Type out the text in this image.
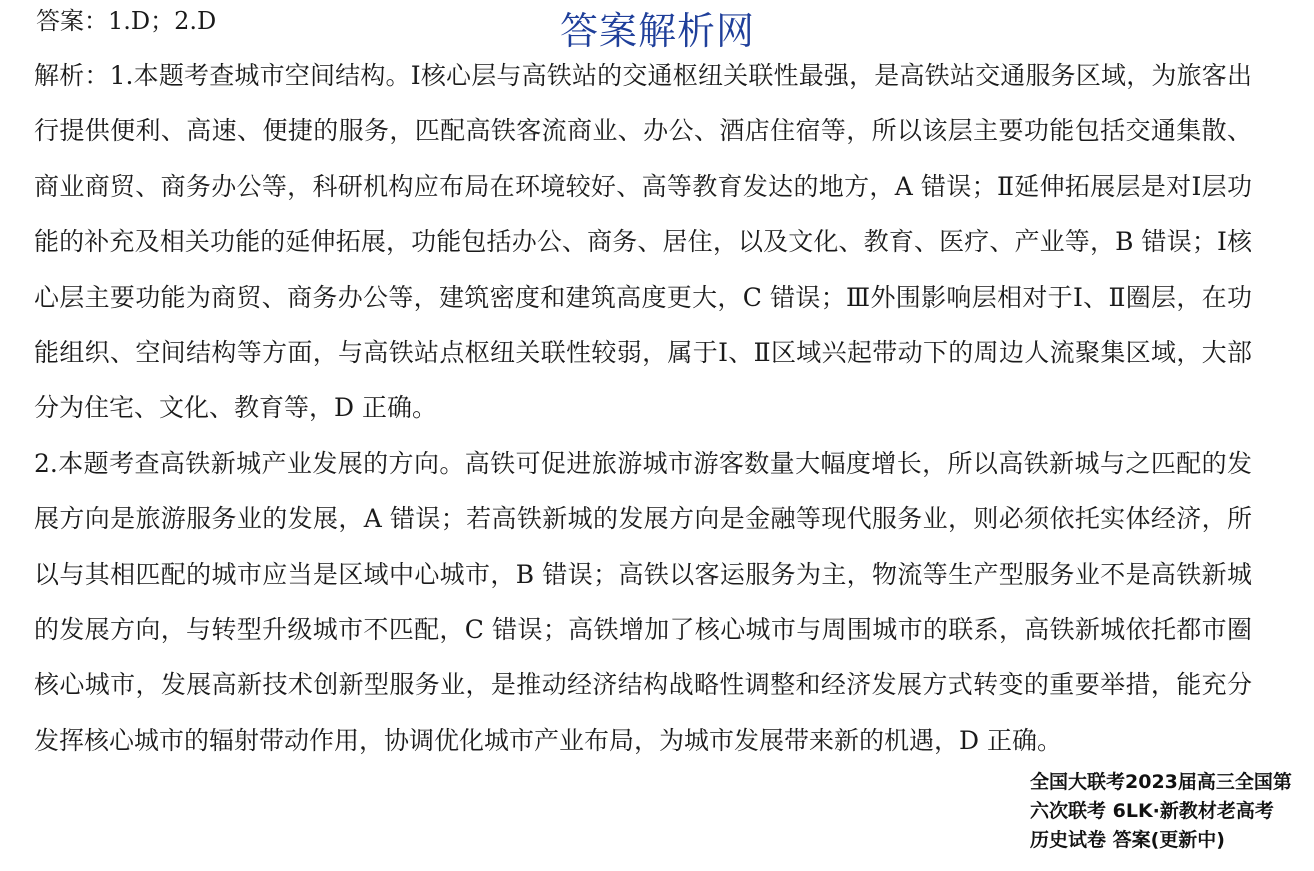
答案：1.D；2.D	答案解析网

解析：1.本题考查城市空间结构。Ⅰ核心层与高铁站的交通枢纽关联性最强，是高铁站交通服务区域，为旅客出行提供便利、高速、便捷的服务，匹配高铁客流商业、办公、酒店住宿等，所以该层主要功能包括交通集散、商业商贸、商务办公等，科研机构应布局在环境较好、高等教育发达的地方，A 错误；Ⅱ延伸拓展层是对Ⅰ层功能的补充及相关功能的延伸拓展，功能包括办公、商务、居住，以及文化、教育、医疗、产业等，B 错误；Ⅰ核心层主要功能为商贸、商务办公等，建筑密度和建筑高度更大，C 错误；Ⅲ外围影响层相对于Ⅰ、Ⅱ圈层，在功能组织、空间结构等方面，与高铁站点枢纽关联性较弱，属于Ⅰ、Ⅱ区域兴起带动下的周边人流聚集区域，大部分为住宅、文化、教育等，D 正确。

2.本题考查高铁新城产业发展的方向。高铁可促进旅游城市游客数量大幅度增长，所以高铁新城与之匹配的发展方向是旅游服务业的发展，A 错误；若高铁新城的发展方向是金融等现代服务业，则必须依托实体经济，所以与其相匹配的城市应当是区域中心城市，B 错误；高铁以客运服务为主，物流等生产型服务业不是高铁新城的发展方向，与转型升级城市不匹配，C 错误；高铁增加了核心城市与周围城市的联系，高铁新城依托都市圈核心城市，发展高新技术创新型服务业，是推动经济结构战略性调整和经济发展方式转变的重要举措，能充分发挥核心城市的辐射带动作用，协调优化城市产业布局，为城市发展带来新的机遇，D 正确。

全国大联考2023届高三全国第
六次联考 6LK·新教材老高考
历史试卷 答案(更新中)
